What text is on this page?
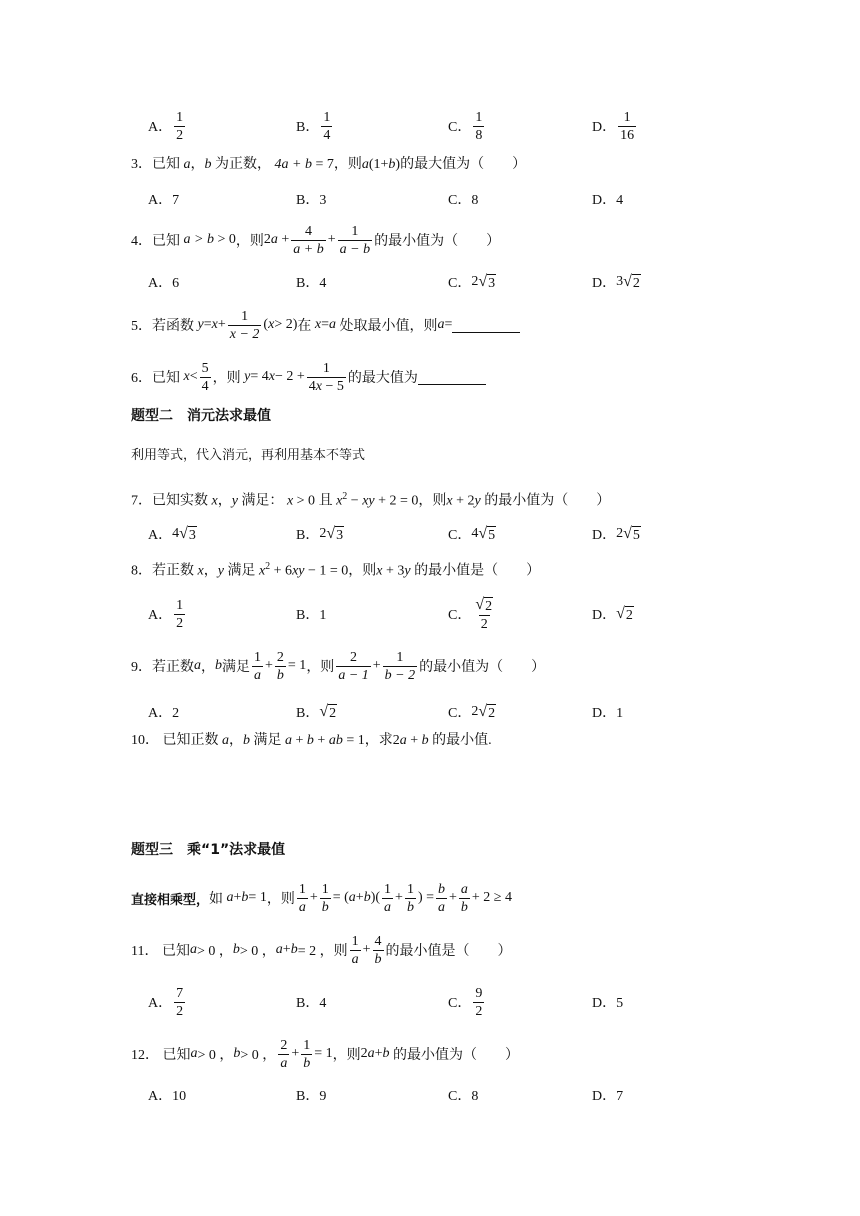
A． $\frac{1}{2}$	B． $\frac{1}{4}$	C． $\frac{1}{8}$	D． $\frac{1}{16}$
3．已知 a，b 为正数， 4a + b = 7，则a(1+b)的最大值为（　　）
A．7	B．3	C．8	D．4
4． 已知
a > b > 0 ，则 2 $a + \frac{4}{a + b} + \frac{1}{a - b}$ 的最小值为（　　）
A．6	B．4	C． 2 √ 3	D． 3 √ 2
5． 若函数
$y = x + \frac{1}{x - 2}$ ( x > 2) 在
x = a
处取最小值，则 a =
6． 已知
$x < \frac{5}{4}$ ，则
y = 4 $x - 2 + \frac{1}{4x - 5}$ 的最大值为
题型二　消元法求最值
利用等式，代入消元，再利用基本不等式
7．已知实数 x，y 满足： x > 0 且 $x^2$ − xy + 2 = 0，则x + 2y 的最小值为（　　）
A． 4 √ 3	B． 2 √ 3	C． 4 √ 5	D． 2 √ 5
8．若正数 x，y 满足 $x^2 + 6xy - 1 = 0$，则x + 3y 的最小值是（　　）
A． $\frac{1}{2}$	B．1	C． $\frac{√ 2}{2}$	D． √ 2
9． 若正数 a ， b 满足 $\frac{1}{a} + \frac{2}{b} = 1$ ，则 $\frac{2}{a - 1} + \frac{1}{b - 2}$ 的最小值为（　　）
A．2	B． √ 2	C． 2 √ 2	D．1
10． 已知正数 a，b 满足 a + b + ab = 1，求2a + b 的最小值.
题型三　乘“1”法求最值
直接相乘型， 如
a + b = 1 ，则 $\frac{1}{a} + \frac{1}{b}$ = ( a + b )( $\frac{1}{a} + \frac{1}{b}$ ) = $\frac{b}{a} + \frac{a}{b} + 2 \ge 4$
11．
已知 a > 0 ， b > 0 ， a + b = 2 ，则 $\frac{1}{a} + \frac{4}{b}$ 的最小值是（　　）
A． $\frac{7}{2}$	B．4	C． $\frac{9}{2}$	D．5
12．
已知 a > 0 ， b > 0 ， $\frac{2}{a} + \frac{1}{b} = 1$ ，则 2 a + b
的最小值为（　　）
A．10	B．9	C．8	D．7
